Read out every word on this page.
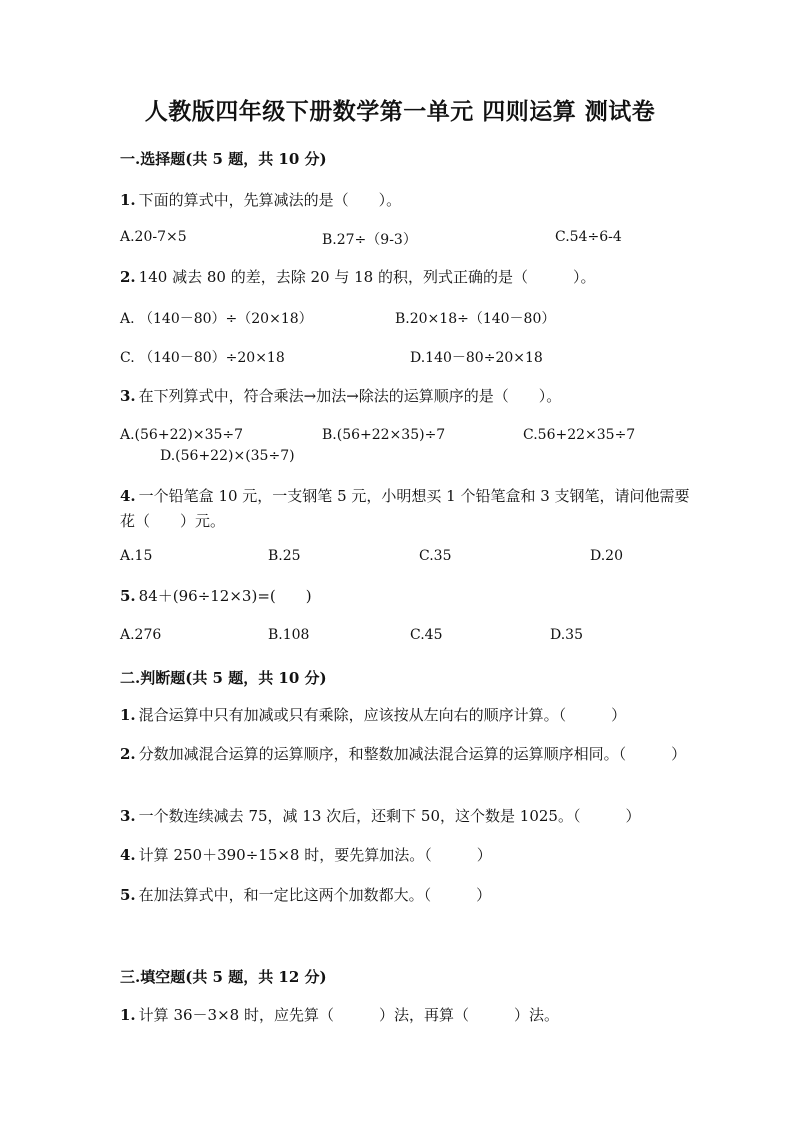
人教版四年级下册数学第一单元 四则运算 测试卷
一.选择题(共 5 题，共 10 分)
1. 下面的算式中，先算减法的是（　　）。
A.20-7×5	B.27÷（9-3）	C.54÷6-4
2. 140 减去 80 的差，去除 20 与 18 的积，列式正确的是（　　　）。
A. （140－80）÷（20×18）	B.20×18÷（140－80）
C. （140－80）÷20×18	D.140－80÷20×18
3. 在下列算式中，符合乘法→加法→除法的运算顺序的是（　　）。
A.(56+22)×35÷7	B.(56+22×35)÷7	C.56+22×35÷7
D.(56+22)×(35÷7)
4. 一个铅笔盒 10 元，一支钢笔 5 元，小明想买 1 个铅笔盒和 3 支钢笔，请问他需要花（　　）元。
A.15	B.25	C.35	D.20
5. 84＋(96÷12×3)=(　　)
A.276	B.108	C.45	D.35
二.判断题(共 5 题，共 10 分)
1. 混合运算中只有加减或只有乘除，应该按从左向右的顺序计算。（　　　）
2. 分数加减混合运算的运算顺序，和整数加减法混合运算的运算顺序相同。（　　　）
3. 一个数连续减去 75，减 13 次后，还剩下 50，这个数是 1025。（　　　）
4. 计算 250＋390÷15×8 时，要先算加法。（　　　）
5. 在加法算式中，和一定比这两个加数都大。（　　　）
三.填空题(共 5 题，共 12 分)
1. 计算 36－3×8 时，应先算（　　　）法，再算（　　　）法。
